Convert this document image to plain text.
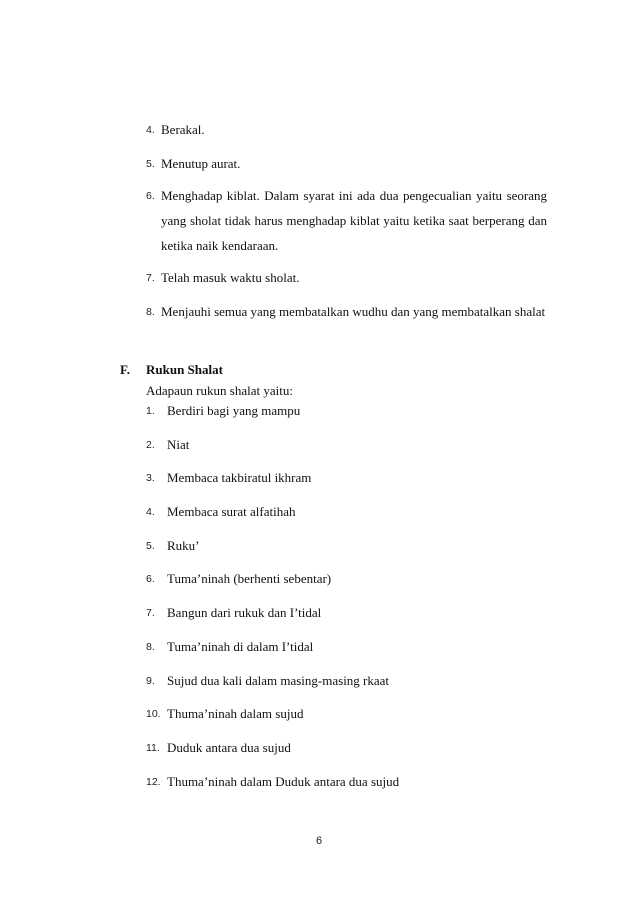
4. Berakal.
5. Menutup aurat.
6. Menghadap kiblat. Dalam syarat ini ada dua pengecualian yaitu seorang
yang sholat tidak harus menghadap kiblat yaitu ketika saat berperang dan
ketika naik kendaraan.
7. Telah masuk waktu sholat.
8. Menjauhi semua yang membatalkan wudhu dan yang membatalkan shalat
F. Rukun Shalat
Adapaun rukun shalat yaitu:
1. Berdiri bagi yang mampu
2. Niat
3. Membaca takbiratul ikhram
4. Membaca surat alfatihah
5. Ruku’
6. Tuma’ninah (berhenti sebentar)
7. Bangun dari rukuk dan I’tidal
8. Tuma’ninah di dalam I’tidal
9. Sujud dua kali dalam masing-masing rkaat
10. Thuma’ninah dalam sujud
11. Duduk antara dua sujud
12. Thuma’ninah dalam Duduk antara dua sujud
6
